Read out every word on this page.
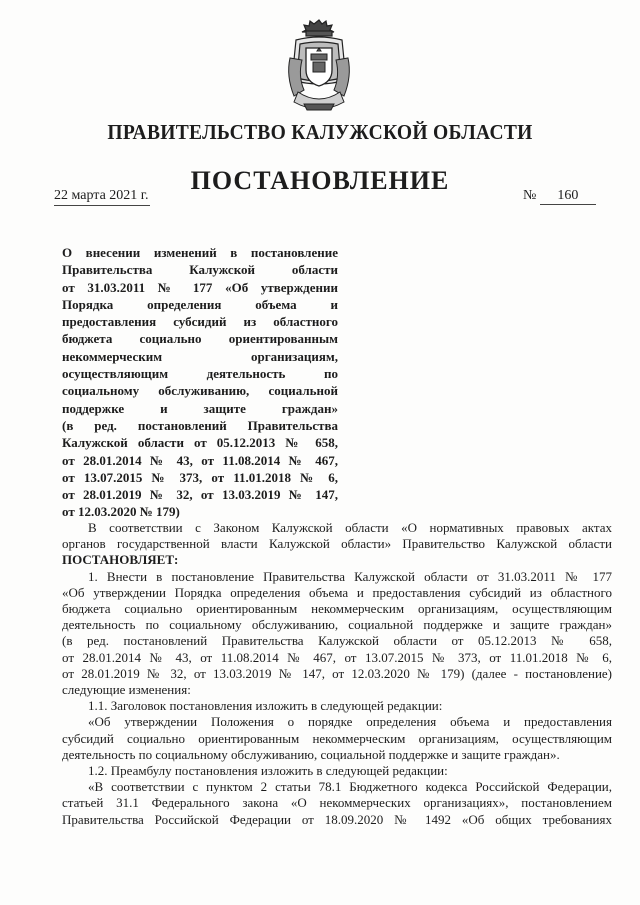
ПРАВИТЕЛЬСТВО КАЛУЖСКОЙ ОБЛАСТИ
ПОСТАНОВЛЕНИЕ
22 марта 2021 г.	№ 160
О внесении изменений в постановление
Правительства Калужской области
от 31.03.2011 № 177 «Об утверждении
Порядка определения объема и
предоставления субсидий из областного
бюджета социально ориентированным
некоммерческим организациям,
осуществляющим деятельность по
социальному обслуживанию, социальной
поддержке и защите граждан»
(в ред. постановлений Правительства
Калужской области от 05.12.2013 № 658,
от 28.01.2014 № 43, от 11.08.2014 № 467,
от 13.07.2015 № 373, от 11.01.2018 № 6,
от 28.01.2019 № 32, от 13.03.2019 № 147,
от 12.03.2020 № 179)
В соответствии с Законом Калужской области «О нормативных правовых актах
органов государственной власти Калужской области» Правительство Калужской области
ПОСТАНОВЛЯЕТ:
1. Внести в постановление Правительства Калужской области от 31.03.2011 № 177
«Об утверждении Порядка определения объема и предоставления субсидий из областного
бюджета социально ориентированным некоммерческим организациям, осуществляющим
деятельность по социальному обслуживанию, социальной поддержке и защите граждан»
(в ред. постановлений Правительства Калужской области от 05.12.2013 № 658,
от 28.01.2014 № 43, от 11.08.2014 № 467, от 13.07.2015 № 373, от 11.01.2018 № 6,
от 28.01.2019 № 32, от 13.03.2019 № 147, от 12.03.2020 № 179) (далее - постановление)
следующие изменения:
1.1. Заголовок постановления изложить в следующей редакции:
«Об утверждении Положения о порядке определения объема и предоставления
субсидий социально ориентированным некоммерческим организациям, осуществляющим
деятельность по социальному обслуживанию, социальной поддержке и защите граждан».
1.2. Преамбулу постановления изложить в следующей редакции:
«В соответствии с пунктом 2 статьи 78.1 Бюджетного кодекса Российской Федерации,
статьей 31.1 Федерального закона «О некоммерческих организациях», постановлением
Правительства Российской Федерации от 18.09.2020 № 1492 «Об общих требованиях
